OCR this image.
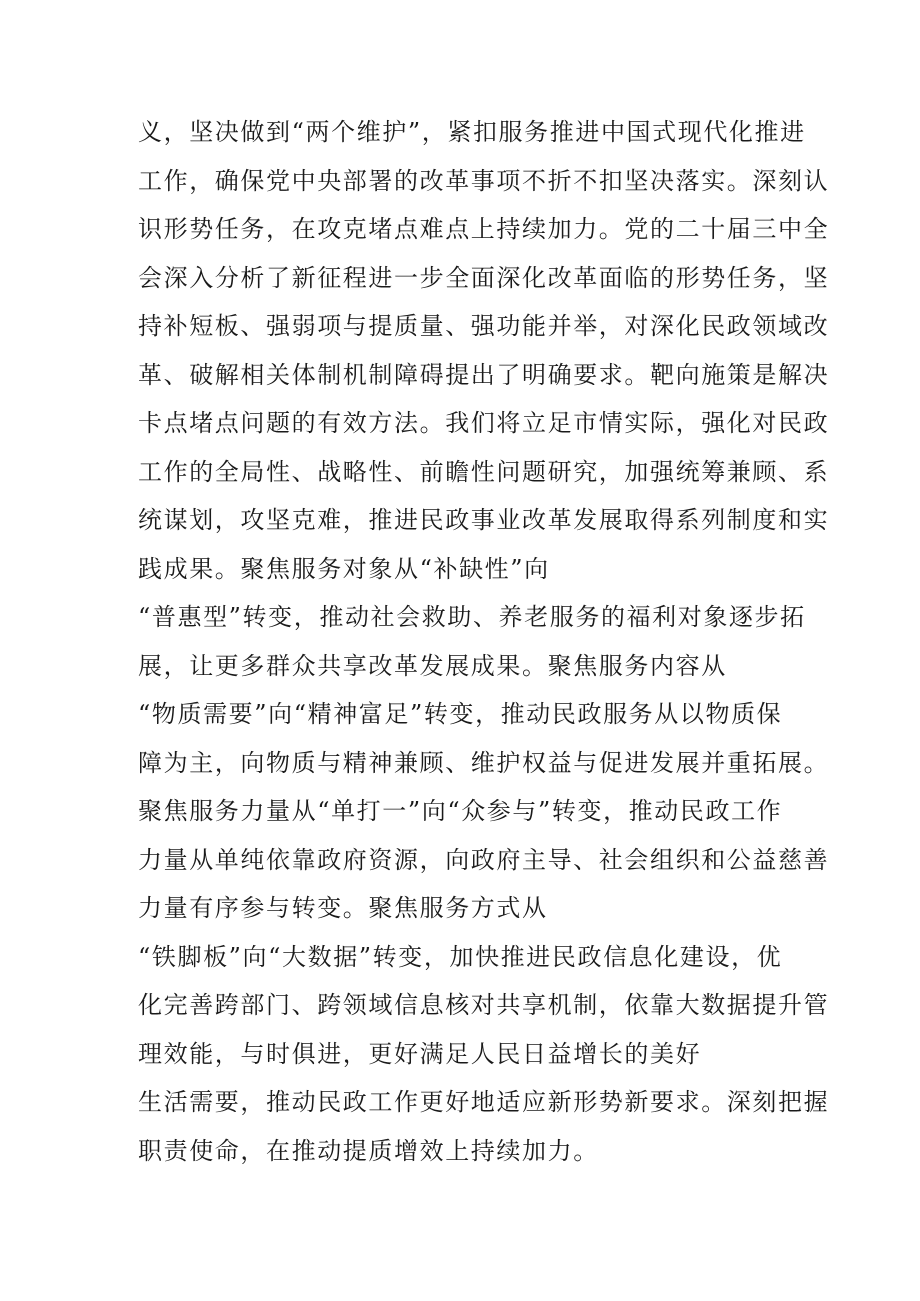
义，坚决做到“两个维护”，紧扣服务推进中国式现代化推进
工作，确保党中央部署的改革事项不折不扣坚决落实。深刻认
识形势任务，在攻克堵点难点上持续加力。党的二十届三中全
会深入分析了新征程进一步全面深化改革面临的形势任务，坚
持补短板、强弱项与提质量、强功能并举，对深化民政领域改
革、破解相关体制机制障碍提出了明确要求。靶向施策是解决
卡点堵点问题的有效方法。我们将立足市情实际，强化对民政
工作的全局性、战略性、前瞻性问题研究，加强统筹兼顾、系
统谋划，攻坚克难，推进民政事业改革发展取得系列制度和实
践成果。聚焦服务对象从“补缺性”向
“普惠型”转变，推动社会救助、养老服务的福利对象逐步拓
展，让更多群众共享改革发展成果。聚焦服务内容从
“物质需要”向“精神富足”转变，推动民政服务从以物质保
障为主，向物质与精神兼顾、维护权益与促进发展并重拓展。
聚焦服务力量从“单打一”向“众参与”转变，推动民政工作
力量从单纯依靠政府资源，向政府主导、社会组织和公益慈善
力量有序参与转变。聚焦服务方式从
“铁脚板”向“大数据”转变，加快推进民政信息化建设，优
化完善跨部门、跨领域信息核对共享机制，依靠大数据提升管
理效能，与时俱进，更好满足人民日益增长的美好
生活需要，推动民政工作更好地适应新形势新要求。深刻把握
职责使命，在推动提质增效上持续加力。
